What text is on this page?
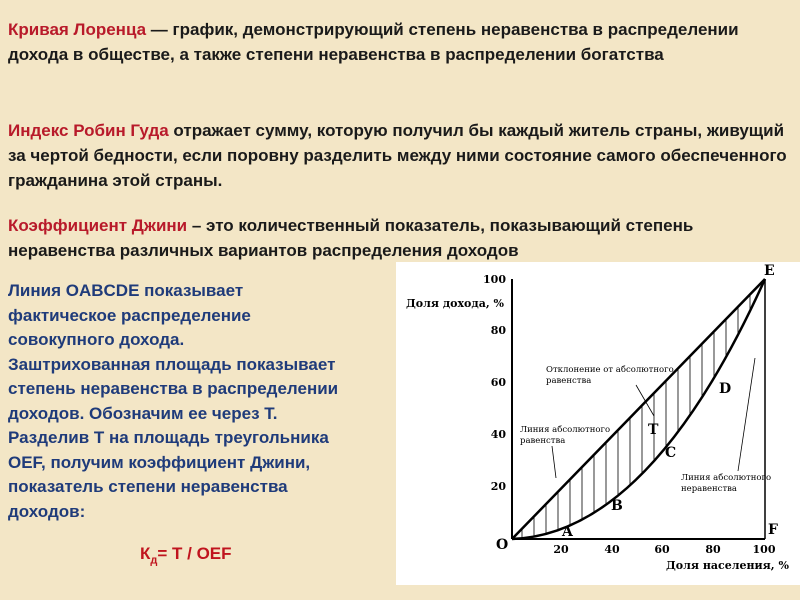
Кривая Лоренца — график, демонстрирующий степень неравенства в распределении дохода в обществе, а также степени неравенства в распределении богатства
Индекс Робин Гуда отражает сумму, которую получил бы каждый житель страны, живущий за чертой бедности, если поровну разделить между ними состояние самого обеспеченного гражданина этой страны.
Коэффициент Джини – это количественный показатель, показывающий степень неравенства различных вариантов распределения доходов
Линия OABCDE показывает
фактическое распределение
совокупного дохода.
Заштрихованная площадь показывает
степень неравенства в распределении
доходов. Обозначим ее через Т.
Разделив Т на площадь треугольника
OEF, получим коэффициент Джини,
показатель степени неравенства
доходов:
$К_д= Т$ / OEF
100
80
60
40
20
20	40	60	80	100
Доля дохода, %
Доля населения, %
O
A
B
C
D
E
F
T
Отклонение от абсолютного
равенства
Линия абсолютного
равенства
Линия абсолютного
неравенства
